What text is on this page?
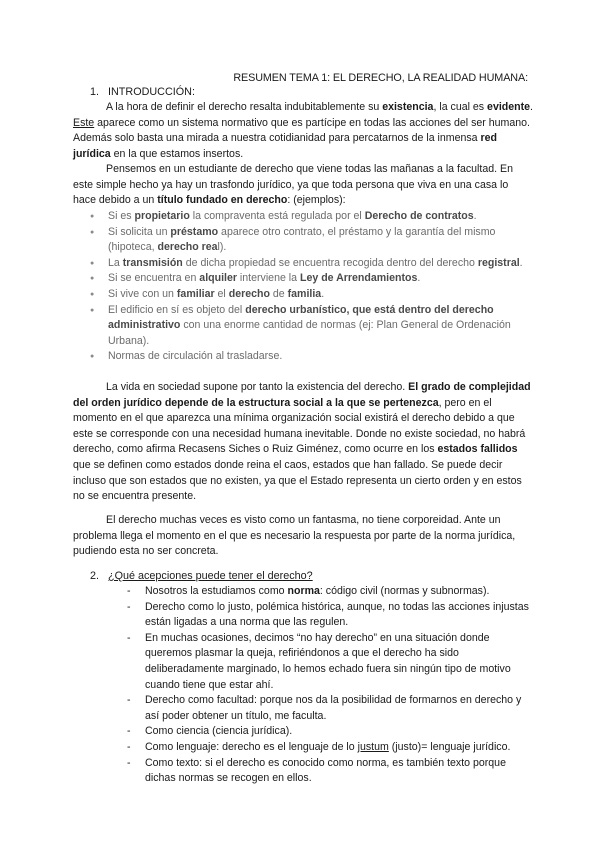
RESUMEN TEMA 1: EL DERECHO, LA REALIDAD HUMANA:
1. INTRODUCCIÓN:

A la hora de definir el derecho resalta indubitablemente su existencia, la cual es evidente. Este aparece como un sistema normativo que es partícipe en todas las acciones del ser humano. Además solo basta una mirada a nuestra cotidianidad para percatarnos de la inmensa red jurídica en la que estamos insertos.

Pensemos en un estudiante de derecho que viene todas las mañanas a la facultad. En este simple hecho ya hay un trasfondo jurídico, ya que toda persona que viva en una casa lo hace debido a un título fundado en derecho: (ejemplos):

● Si es propietario la compraventa está regulada por el Derecho de contratos.
● Si solicita un préstamo aparece otro contrato, el préstamo y la garantía del mismo (hipoteca, derecho real).
● La transmisión de dicha propiedad se encuentra recogida dentro del derecho registral.
● Si se encuentra en alquiler interviene la Ley de Arrendamientos.
● Si vive con un familiar el derecho de familia.
● El edificio en sí es objeto del derecho urbanístico, que está dentro del derecho administrativo con una enorme cantidad de normas (ej: Plan General de Ordenación Urbana).
● Normas de circulación al trasladarse.

La vida en sociedad supone por tanto la existencia del derecho. El grado de complejidad del orden jurídico depende de la estructura social a la que se pertenezca, pero en el momento en el que aparezca una mínima organización social existirá el derecho debido a que este se corresponde con una necesidad humana inevitable. Donde no existe sociedad, no habrá derecho, como afirma Recasens Siches o Ruiz Giménez, como ocurre en los estados fallidos que se definen como estados donde reina el caos, estados que han fallado. Se puede decir incluso que son estados que no existen, ya que el Estado representa un cierto orden y en estos no se encuentra presente.

El derecho muchas veces es visto como un fantasma, no tiene corporeidad. Ante un problema llega el momento en el que es necesario la respuesta por parte de la norma jurídica, pudiendo esta no ser concreta.

2. ¿Qué acepciones puede tener el derecho?
- Nosotros la estudiamos como norma: código civil (normas y subnormas).
- Derecho como lo justo, polémica histórica, aunque, no todas las acciones injustas están ligadas a una norma que las regulen.
- En muchas ocasiones, decimos “no hay derecho” en una situación donde queremos plasmar la queja, refiriéndonos a que el derecho ha sido deliberadamente marginado, lo hemos echado fuera sin ningún tipo de motivo cuando tiene que estar ahí.
- Derecho como facultad: porque nos da la posibilidad de formarnos en derecho y así poder obtener un título, me faculta.
- Como ciencia (ciencia jurídica).
- Como lenguaje: derecho es el lenguaje de lo justum (justo)= lenguaje jurídico.
- Como texto: si el derecho es conocido como norma, es también texto porque dichas normas se recogen en ellos.
